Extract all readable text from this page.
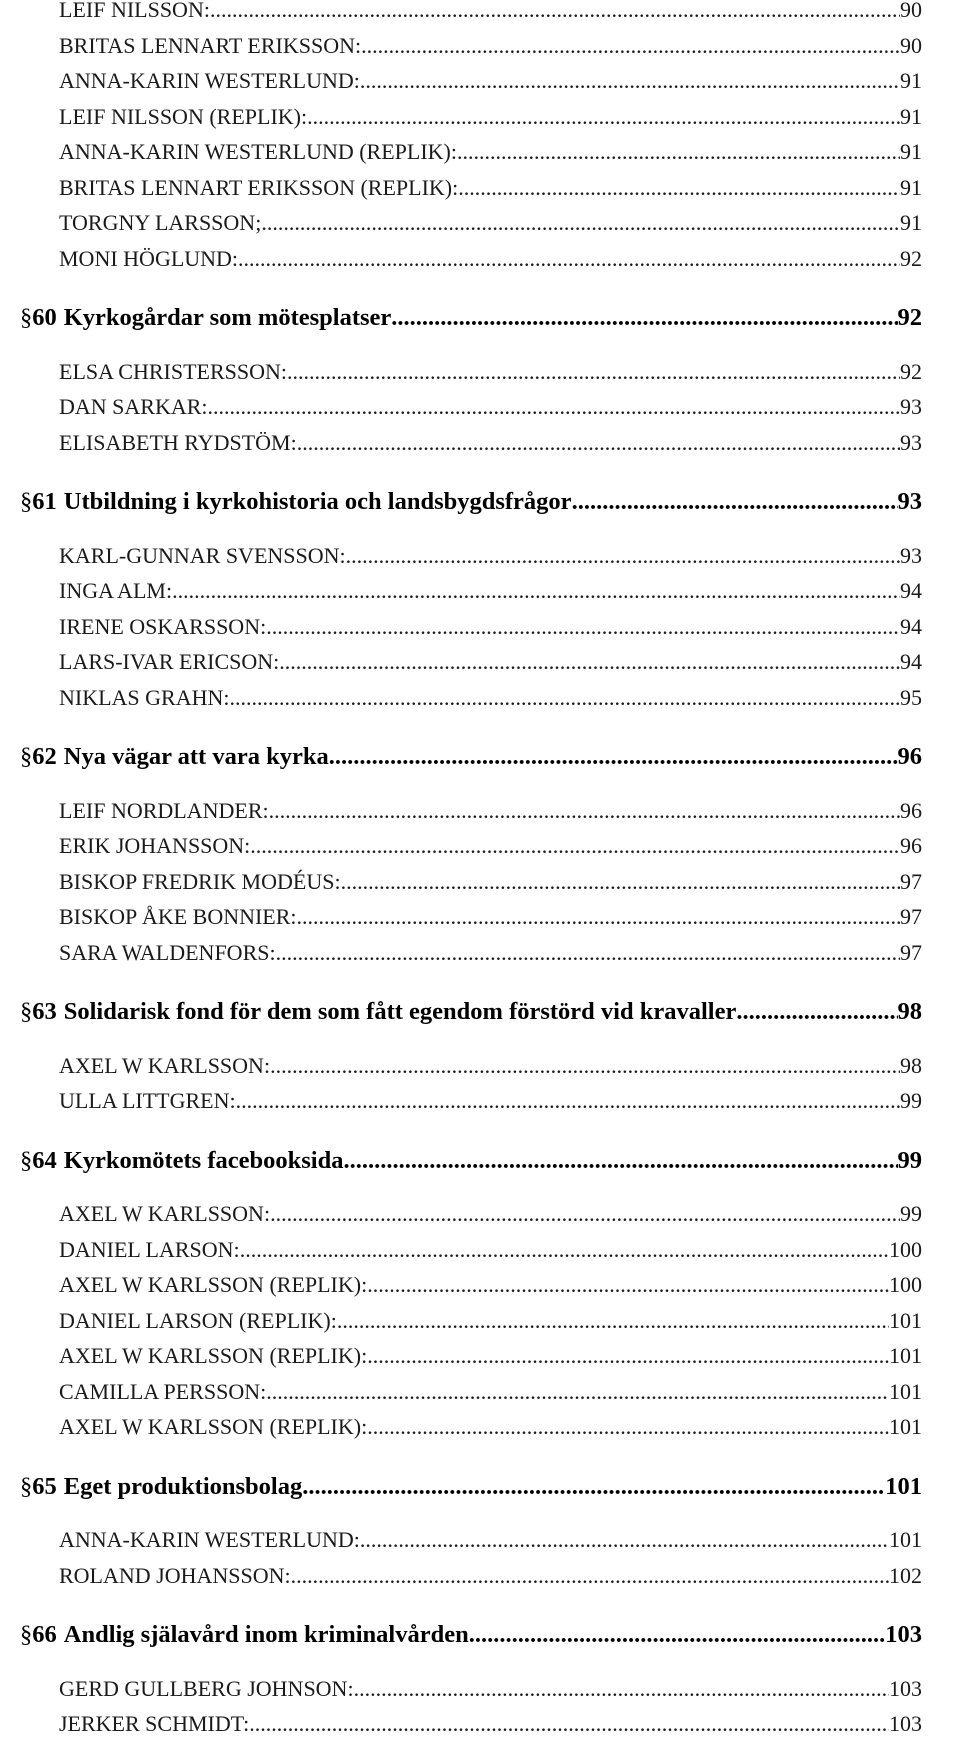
LEIF NILSSON: .....	90
BRITAS LENNART ERIKSSON: .....	90
ANNA-KARIN WESTERLUND: .....	91
LEIF NILSSON (REPLIK): .....	91
ANNA-KARIN WESTERLUND (REPLIK): .....	91
BRITAS LENNART ERIKSSON (REPLIK): .....	91
TORGNY LARSSON; .....	91
MONI HÖGLUND: .....	92
§ 60 Kyrkogårdar som mötesplatser .....	92
ELSA CHRISTERSSON: .....	92
DAN SARKAR: .....	93
ELISABETH RYDSTÖM: .....	93
§ 61 Utbildning i kyrkohistoria och landsbygdsfrågor .....	93
KARL-GUNNAR SVENSSON: .....	93
INGA ALM: .....	94
IRENE OSKARSSON: .....	94
LARS-IVAR ERICSON: .....	94
NIKLAS GRAHN: .....	95
§ 62 Nya vägar att vara kyrka .....	96
LEIF NORDLANDER: .....	96
ERIK JOHANSSON: .....	96
BISKOP FREDRIK MODÉUS: .....	97
BISKOP ÅKE BONNIER: .....	97
SARA WALDENFORS: .....	97
§ 63 Solidarisk fond för dem som fått egendom förstörd vid kravaller .....	98
AXEL W KARLSSON: .....	98
ULLA LITTGREN: .....	99
§ 64 Kyrkomötets facebooksida .....	99
AXEL W KARLSSON: .....	99
DANIEL LARSON: .....	100
AXEL W KARLSSON (REPLIK): .....	100
DANIEL LARSON (REPLIK): .....	101
AXEL W KARLSSON (REPLIK): .....	101
CAMILLA PERSSON: .....	101
AXEL W KARLSSON (REPLIK): .....	101
§ 65 Eget produktionsbolag .....	101
ANNA-KARIN WESTERLUND: .....	101
ROLAND JOHANSSON: .....	102
§ 66 Andlig själavård inom kriminalvården .....	103
GERD GULLBERG JOHNSON: .....	103
JERKER SCHMIDT: .....	103
